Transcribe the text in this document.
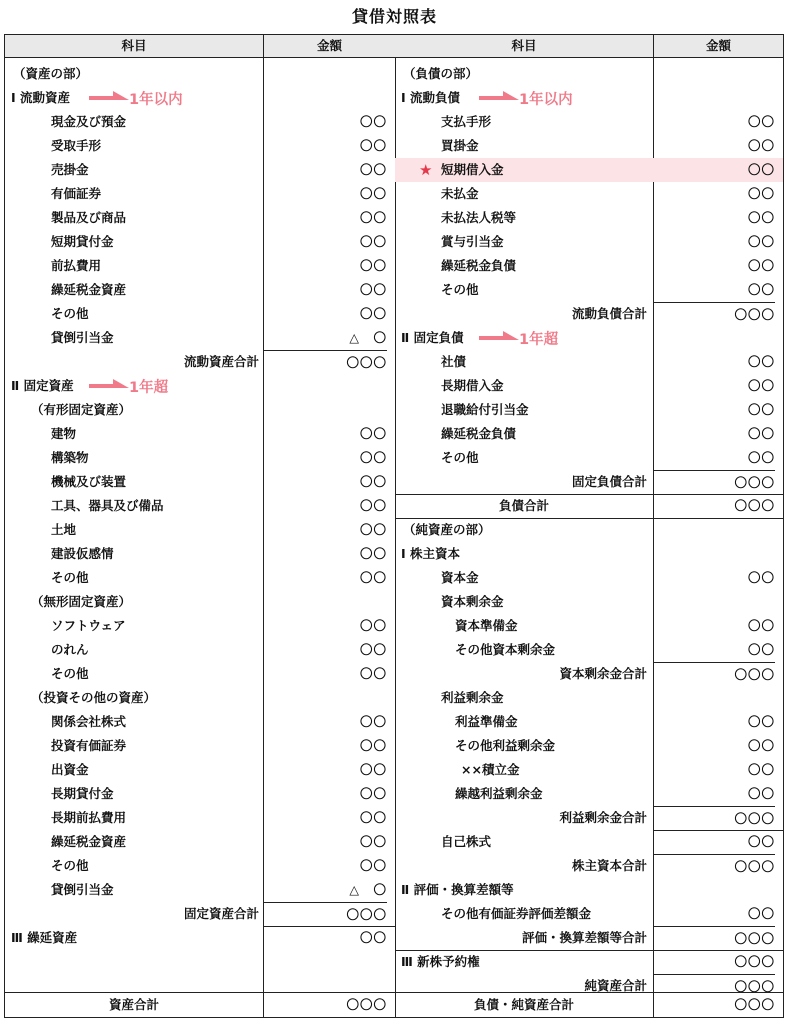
貸借対照表
科目	金額
（資産の部）
Ⅰ 流動資産	1年以内
現金及び預金	〇〇
受取手形	〇〇
売掛金	〇〇
有価証券	〇〇
製品及び商品	〇〇
短期貸付金	〇〇
前払費用	〇〇
繰延税金資産	〇〇
その他	〇〇
貸倒引当金	△　〇
流動資産合計	〇〇〇
Ⅱ 固定資産	1年超
（有形固定資産）
建物	〇〇
構築物	〇〇
機械及び装置	〇〇
工具、器具及び備品	〇〇
土地	〇〇
建設仮感情	〇〇
その他	〇〇
（無形固定資産）
ソフトウェア	〇〇
のれん	〇〇
その他	〇〇
（投資その他の資産）
関係会社株式	〇〇
投資有価証券	〇〇
出資金	〇〇
長期貸付金	〇〇
長期前払費用	〇〇
繰延税金資産	〇〇
その他	〇〇
貸倒引当金	△　〇
固定資産合計	〇〇〇
Ⅲ 繰延資産	〇〇
資産合計	〇〇〇
科目	金額
（負債の部）
Ⅰ 流動負債	1年以内
支払手形	〇〇
買掛金	〇〇
★ 短期借入金	〇〇
未払金	〇〇
未払法人税等	〇〇
賞与引当金	〇〇
繰延税金負債	〇〇
その他	〇〇
流動負債合計	〇〇〇
Ⅱ 固定負債	1年超
社債	〇〇
長期借入金	〇〇
退職給付引当金	〇〇
繰延税金負債	〇〇
その他	〇〇
固定負債合計	〇〇〇
負債合計	〇〇〇
（純資産の部）
Ⅰ 株主資本
資本金	〇〇
資本剰余金
資本準備金	〇〇
その他資本剰余金	〇〇
資本剰余金合計	〇〇〇
利益剰余金
利益準備金	〇〇
その他利益剰余金	〇〇
××積立金	〇〇
繰越利益剰余金	〇〇
利益剰余金合計	〇〇〇
自己株式	〇〇
株主資本合計	〇〇〇
Ⅱ 評価・換算差額等
その他有価証券評価差額金	〇〇
評価・換算差額等合計	〇〇〇
Ⅲ 新株予約権	〇〇〇
純資産合計	〇〇〇
負債・純資産合計	〇〇〇
